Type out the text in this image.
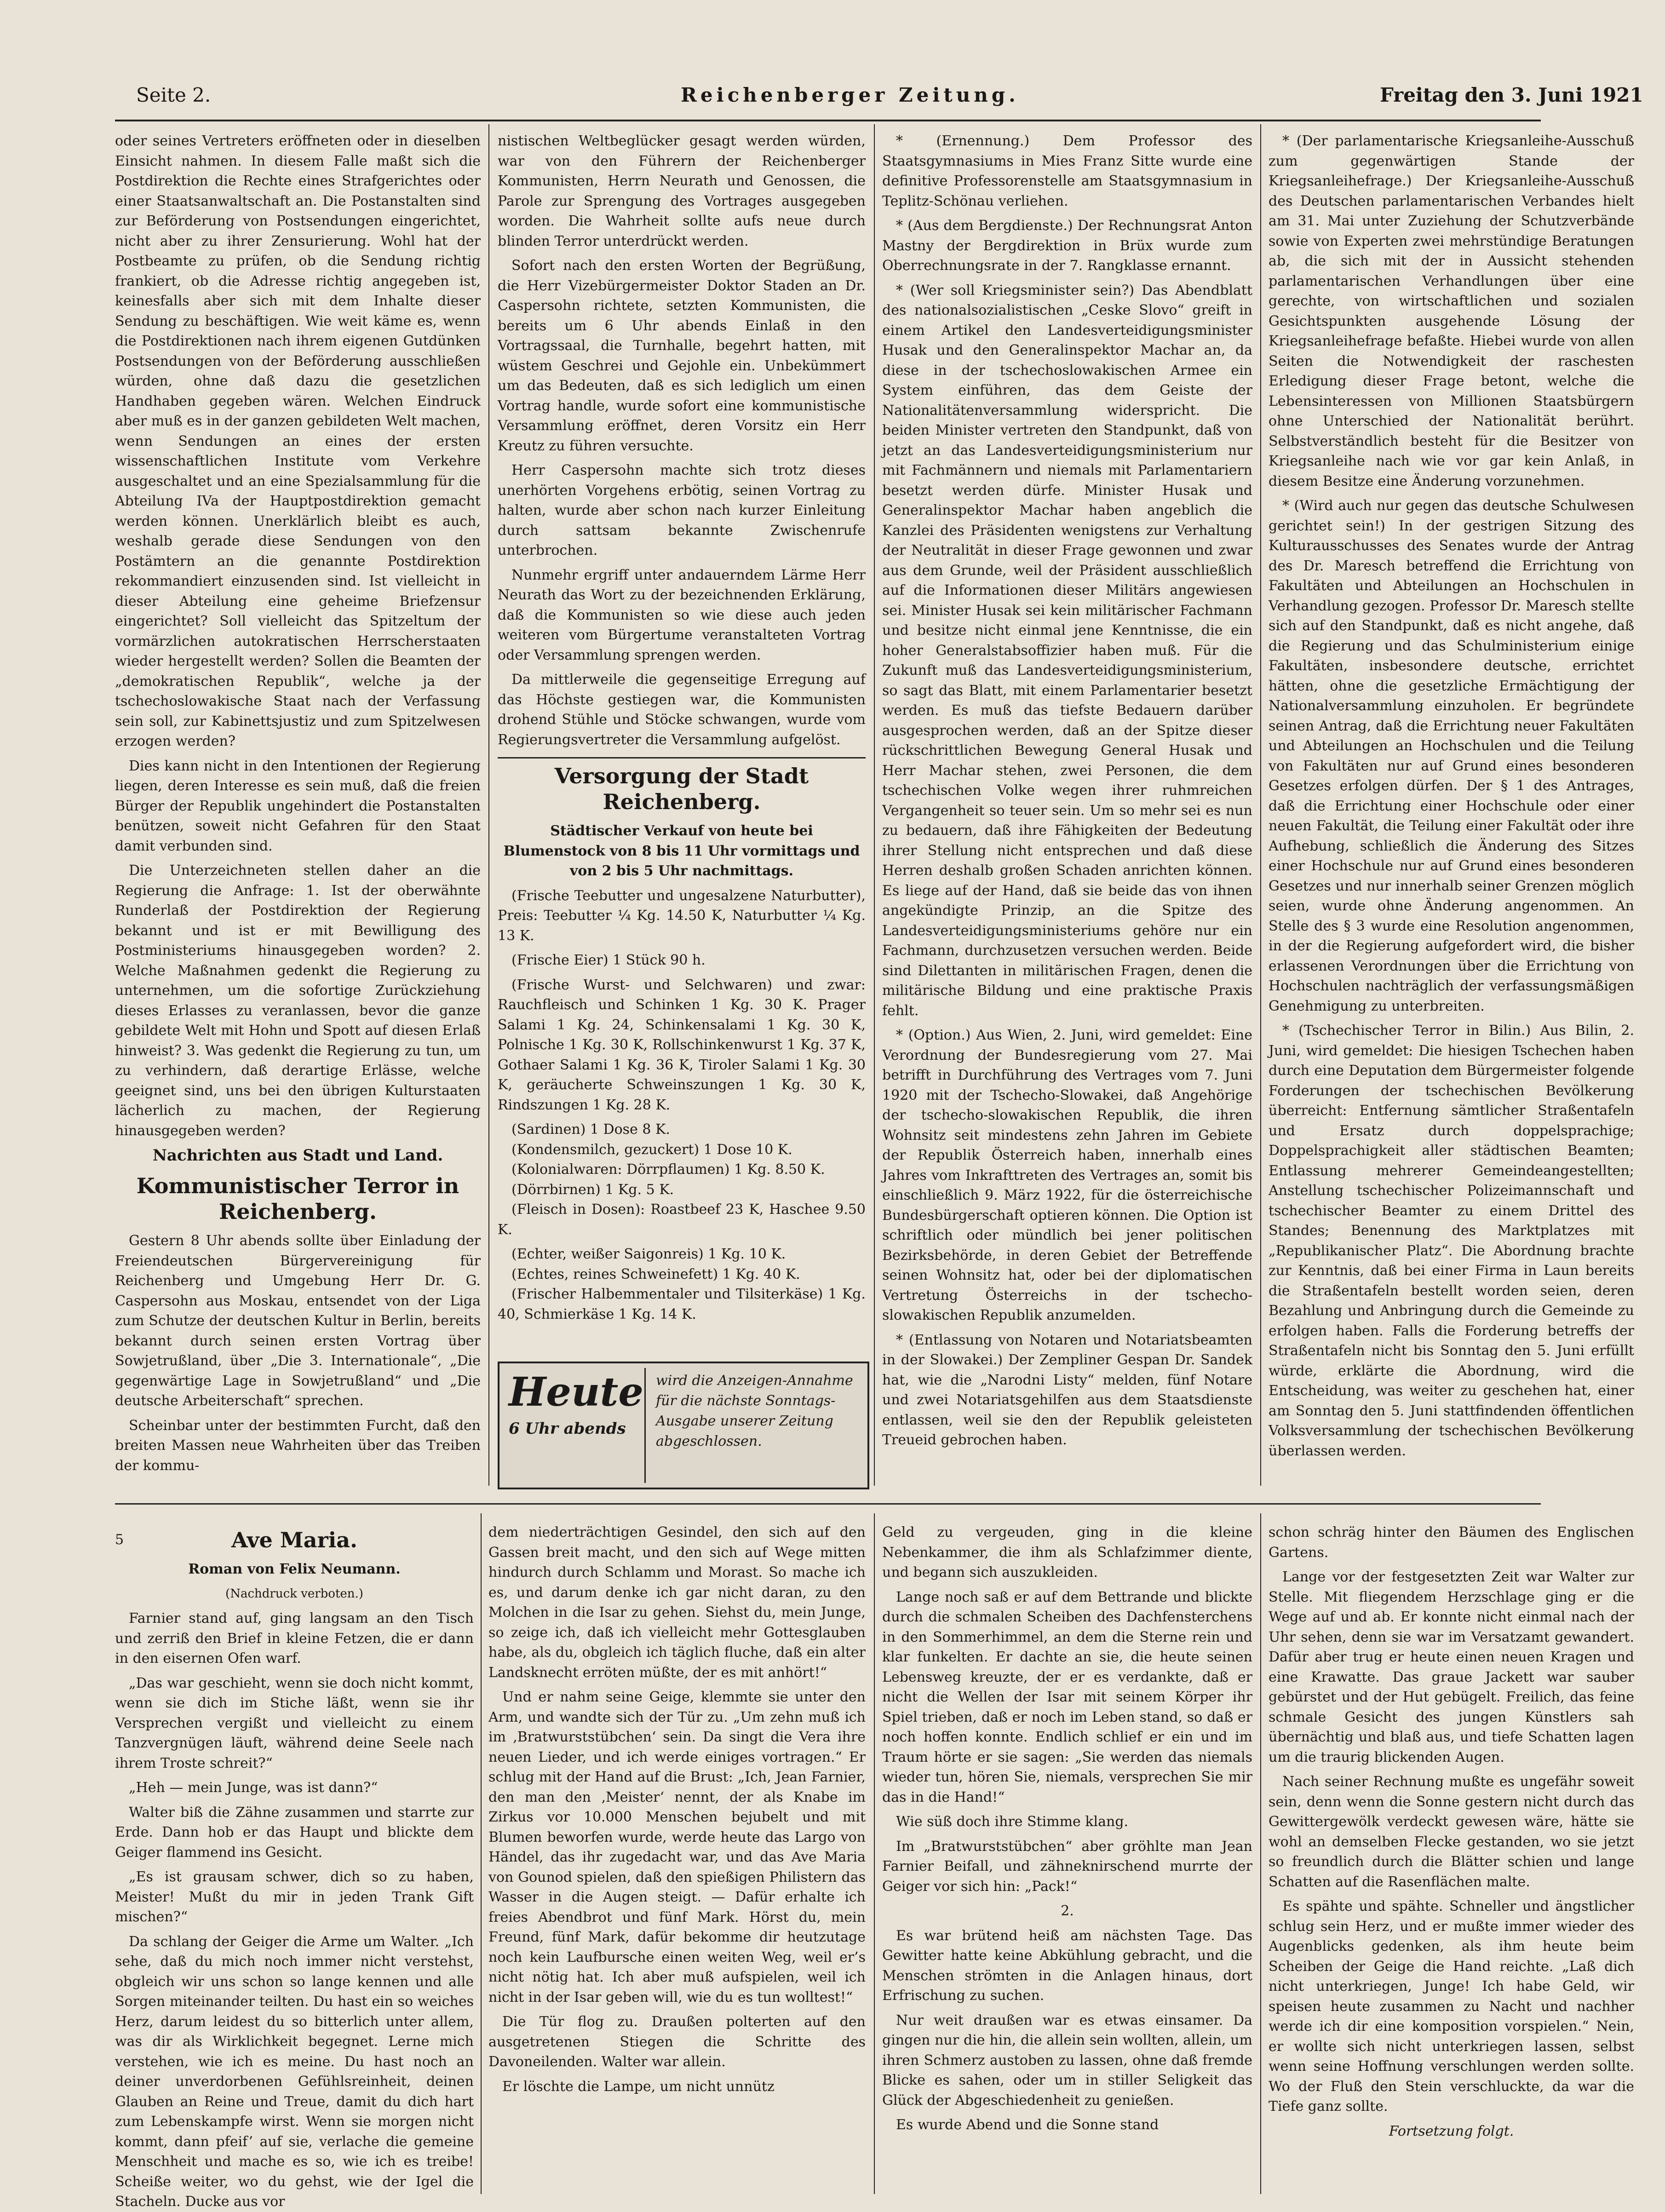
Seite 2.	Reichenberger Zeitung.	Freitag den 3. Juni 1921

oder seines Vertreters eröffneten oder in dieselben Einsicht nahmen. In diesem Falle maßt sich die Postdirektion die Rechte eines Strafgerichtes oder einer Staatsanwaltschaft an. Die Postanstalten sind zur Beförderung von Postsendungen eingerichtet, nicht aber zu ihrer Zensurierung. Wohl hat der Postbeamte zu prüfen, ob die Sendung richtig frankiert, ob die Adresse richtig angegeben ist, keinesfalls aber sich mit dem Inhalte dieser Sendung zu beschäftigen. Wie weit käme es, wenn die Postdirektionen nach ihrem eigenen Gutdünken Postsendungen von der Beförderung ausschließen würden, ohne daß dazu die gesetzlichen Handhaben gegeben wären. Welchen Eindruck aber muß es in der ganzen gebildeten Welt machen, wenn Sendungen an eines der ersten wissenschaftlichen Institute vom Verkehre ausgeschaltet und an eine Spezialsammlung für die Abteilung IVa der Hauptpostdirektion gemacht werden können. Unerklärlich bleibt es auch, weshalb gerade diese Sendungen von den Postämtern an die genannte Postdirektion rekommandiert einzusenden sind. Ist vielleicht in dieser Abteilung eine geheime Briefzensur eingerichtet? Soll vielleicht das Spitzeltum der vormärzlichen autokratischen Herrscherstaaten wieder hergestellt werden? Sollen die Beamten der „demokratischen Republik“, welche ja der tschechoslowakische Staat nach der Verfassung sein soll, zur Kabinettsjustiz und zum Spitzelwesen erzogen werden?

Dies kann nicht in den Intentionen der Regierung liegen, deren Interesse es sein muß, daß die freien Bürger der Republik ungehindert die Postanstalten benützen, soweit nicht Gefahren für den Staat damit verbunden sind.

Die Unterzeichneten stellen daher an die Regierung die Anfrage: 1. Ist der oberwähnte Runderlaß der Postdirektion der Regierung bekannt und ist er mit Bewilligung des Postministeriums hinausgegeben worden? 2. Welche Maßnahmen gedenkt die Regierung zu unternehmen, um die sofortige Zurückziehung dieses Erlasses zu veranlassen, bevor die ganze gebildete Welt mit Hohn und Spott auf diesen Erlaß hinweist? 3. Was gedenkt die Regierung zu tun, um zu verhindern, daß derartige Erlässe, welche geeignet sind, uns bei den übrigen Kulturstaaten lächerlich zu machen, der Regierung hinausgegeben werden?

Nachrichten aus Stadt und Land.
Kommunistischer Terror in Reichenberg.

Gestern 8 Uhr abends sollte über Einladung der Freiendeutschen Bürgervereinigung für Reichenberg und Umgebung Herr Dr. G. Caspersohn aus Moskau, entsendet von der Liga zum Schutze der deutschen Kultur in Berlin, bereits bekannt durch seinen ersten Vortrag über Sowjetrußland, über „Die 3. Internationale“, „Die gegenwärtige Lage in Sowjetrußland“ und „Die deutsche Arbeiterschaft“ sprechen.

Scheinbar unter der bestimmten Furcht, daß den breiten Massen neue Wahrheiten über das Treiben der kommu-

nistischen Weltbeglücker gesagt werden würden, war von den Führern der Reichenberger Kommunisten, Herrn Neurath und Genossen, die Parole zur Sprengung des Vortrages ausgegeben worden. Die Wahrheit sollte aufs neue durch blinden Terror unterdrückt werden.

Sofort nach den ersten Worten der Begrüßung, die Herr Vizebürgermeister Doktor Staden an Dr. Caspersohn richtete, setzten Kommunisten, die bereits um 6 Uhr abends Einlaß in den Vortragssaal, die Turnhalle, begehrt hatten, mit wüstem Geschrei und Gejohle ein. Unbekümmert um das Bedeuten, daß es sich lediglich um einen Vortrag handle, wurde sofort eine kommunistische Versammlung eröffnet, deren Vorsitz ein Herr Kreutz zu führen versuchte.

Herr Caspersohn machte sich trotz dieses unerhörten Vorgehens erbötig, seinen Vortrag zu halten, wurde aber schon nach kurzer Einleitung durch sattsam bekannte Zwischenrufe unterbrochen.

Nunmehr ergriff unter andauerndem Lärme Herr Neurath das Wort zu der bezeichnenden Erklärung, daß die Kommunisten so wie diese auch jeden weiteren vom Bürgertume veranstalteten Vortrag oder Versammlung sprengen werden.

Da mittlerweile die gegenseitige Erregung auf das Höchste gestiegen war, die Kommunisten drohend Stühle und Stöcke schwangen, wurde vom Regierungsvertreter die Versammlung aufgelöst.

Versorgung der Stadt Reichenberg.

Städtischer Verkauf von heute bei Blumenstock von 8 bis 11 Uhr vormittags und von 2 bis 5 Uhr nachmittags.

(Frische Teebutter und ungesalzene Naturbutter), Preis: Teebutter ¼ Kg. 14.50 K, Naturbutter ¼ Kg. 13 K.

(Frische Eier) 1 Stück 90 h.

(Frische Wurst- und Selchwaren) und zwar: Rauchfleisch und Schinken 1 Kg. 30 K. Prager Salami 1 Kg. 24, Schinkensalami 1 Kg. 30 K, Polnische 1 Kg. 30 K, Rollschinkenwurst 1 Kg. 37 K, Gothaer Salami 1 Kg. 36 K, Tiroler Salami 1 Kg. 30 K, geräucherte Schweinszungen 1 Kg. 30 K, Rindszungen 1 Kg. 28 K.

(Sardinen) 1 Dose 8 K.

(Kondensmilch, gezuckert) 1 Dose 10 K.

(Kolonialwaren: Dörrpflaumen) 1 Kg. 8.50 K.

(Dörrbirnen) 1 Kg. 5 K.

(Fleisch in Dosen): Roastbeef 23 K, Haschee 9.50 K.

(Echter, weißer Saigonreis) 1 Kg. 10 K.

(Echtes, reines Schweinefett) 1 Kg. 40 K.

(Frischer Halbemmentaler und Tilsiterkäse) 1 Kg. 40, Schmierkäse 1 Kg. 14 K.

Heute
6 Uhr abends
wird die Anzeigen-Annahme für die nächste Sonntags-Ausgabe unserer Zeitung abgeschlossen.

* (Ernennung.) Dem Professor des Staatsgymnasiums in Mies Franz Sitte wurde eine definitive Professorenstelle am Staatsgymnasium in Teplitz-Schönau verliehen.

* (Aus dem Bergdienste.) Der Rechnungsrat Anton Mastny der Bergdirektion in Brüx wurde zum Oberrechnungsrate in der 7. Rangklasse ernannt.

* (Wer soll Kriegsminister sein?) Das Abendblatt des nationalsozialistischen „Ceske Slovo“ greift in einem Artikel den Landesverteidigungsminister Husak und den Generalinspektor Machar an, da diese in der tschechoslowakischen Armee ein System einführen, das dem Geiste der Nationalitätenversammlung widerspricht. Die beiden Minister vertreten den Standpunkt, daß von jetzt an das Landesverteidigungsministerium nur mit Fachmännern und niemals mit Parlamentariern besetzt werden dürfe. Minister Husak und Generalinspektor Machar haben angeblich die Kanzlei des Präsidenten wenigstens zur Verhaltung der Neutralität in dieser Frage gewonnen und zwar aus dem Grunde, weil der Präsident ausschließlich auf die Informationen dieser Militärs angewiesen sei. Minister Husak sei kein militärischer Fachmann und besitze nicht einmal jene Kenntnisse, die ein hoher Generalstabsoffizier haben muß. Für die Zukunft muß das Landesverteidigungsministerium, so sagt das Blatt, mit einem Parlamentarier besetzt werden. Es muß das tiefste Bedauern darüber ausgesprochen werden, daß an der Spitze dieser rückschrittlichen Bewegung General Husak und Herr Machar stehen, zwei Personen, die dem tschechischen Volke wegen ihrer ruhmreichen Vergangenheit so teuer sein. Um so mehr sei es nun zu bedauern, daß ihre Fähigkeiten der Bedeutung ihrer Stellung nicht entsprechen und daß diese Herren deshalb großen Schaden anrichten können. Es liege auf der Hand, daß sie beide das von ihnen angekündigte Prinzip, an die Spitze des Landesverteidigungsministeriums gehöre nur ein Fachmann, durchzusetzen versuchen werden. Beide sind Dilettanten in militärischen Fragen, denen die militärische Bildung und eine praktische Praxis fehlt.

* (Option.) Aus Wien, 2. Juni, wird gemeldet: Eine Verordnung der Bundesregierung vom 27. Mai betrifft in Durchführung des Vertrages vom 7. Juni 1920 mit der Tschecho-Slowakei, daß Angehörige der tschecho-slowakischen Republik, die ihren Wohnsitz seit mindestens zehn Jahren im Gebiete der Republik Österreich haben, innerhalb eines Jahres vom Inkrafttreten des Vertrages an, somit bis einschließlich 9. März 1922, für die österreichische Bundesbürgerschaft optieren können. Die Option ist schriftlich oder mündlich bei jener politischen Bezirksbehörde, in deren Gebiet der Betreffende seinen Wohnsitz hat, oder bei der diplomatischen Vertretung Österreichs in der tschecho-slowakischen Republik anzumelden.

* (Entlassung von Notaren und Notariatsbeamten in der Slowakei.) Der Zempliner Gespan Dr. Sandek hat, wie die „Narodni Listy“ melden, fünf Notare und zwei Notariatsgehilfen aus dem Staatsdienste entlassen, weil sie den der Republik geleisteten Treueid gebrochen haben.

* (Der parlamentarische Kriegsanleihe-Ausschuß zum gegenwärtigen Stande der Kriegsanleihefrage.) Der Kriegsanleihe-Ausschuß des Deutschen parlamentarischen Verbandes hielt am 31. Mai unter Zuziehung der Schutzverbände sowie von Experten zwei mehrstündige Beratungen ab, die sich mit der in Aussicht stehenden parlamentarischen Verhandlungen über eine gerechte, von wirtschaftlichen und sozialen Gesichtspunkten ausgehende Lösung der Kriegsanleihefrage befaßte. Hiebei wurde von allen Seiten die Notwendigkeit der raschesten Erledigung dieser Frage betont, welche die Lebensinteressen von Millionen Staatsbürgern ohne Unterschied der Nationalität berührt. Selbstverständlich besteht für die Besitzer von Kriegsanleihe nach wie vor gar kein Anlaß, in diesem Besitze eine Änderung vorzunehmen.

* (Wird auch nur gegen das deutsche Schulwesen gerichtet sein!) In der gestrigen Sitzung des Kulturausschusses des Senates wurde der Antrag des Dr. Maresch betreffend die Errichtung von Fakultäten und Abteilungen an Hochschulen in Verhandlung gezogen. Professor Dr. Maresch stellte sich auf den Standpunkt, daß es nicht angehe, daß die Regierung und das Schulministerium einige Fakultäten, insbesondere deutsche, errichtet hätten, ohne die gesetzliche Ermächtigung der Nationalversammlung einzuholen. Er begründete seinen Antrag, daß die Errichtung neuer Fakultäten und Abteilungen an Hochschulen und die Teilung von Fakultäten nur auf Grund eines besonderen Gesetzes erfolgen dürfen. Der § 1 des Antrages, daß die Errichtung einer Hochschule oder einer neuen Fakultät, die Teilung einer Fakultät oder ihre Aufhebung, schließlich die Änderung des Sitzes einer Hochschule nur auf Grund eines besonderen Gesetzes und nur innerhalb seiner Grenzen möglich seien, wurde ohne Änderung angenommen. An Stelle des § 3 wurde eine Resolution angenommen, in der die Regierung aufgefordert wird, die bisher erlassenen Verordnungen über die Errichtung von Hochschulen nachträglich der verfassungsmäßigen Genehmigung zu unterbreiten.

* (Tschechischer Terror in Bilin.) Aus Bilin, 2. Juni, wird gemeldet: Die hiesigen Tschechen haben durch eine Deputation dem Bürgermeister folgende Forderungen der tschechischen Bevölkerung überreicht: Entfernung sämtlicher Straßentafeln und Ersatz durch doppelsprachige; Doppelsprachigkeit aller städtischen Beamten; Entlassung mehrerer Gemeindeangestellten; Anstellung tschechischer Polizeimannschaft und tschechischer Beamter zu einem Drittel des Standes; Benennung des Marktplatzes mit „Republikanischer Platz“. Die Abordnung brachte zur Kenntnis, daß bei einer Firma in Laun bereits die Straßentafeln bestellt worden seien, deren Bezahlung und Anbringung durch die Gemeinde zu erfolgen haben. Falls die Forderung betreffs der Straßentafeln nicht bis Sonntag den 5. Juni erfüllt würde, erklärte die Abordnung, wird die Entscheidung, was weiter zu geschehen hat, einer am Sonntag den 5. Juni stattfindenden öffentlichen Volksversammlung der tschechischen Bevölkerung überlassen werden.

5	Ave Maria.

Roman von Felix Neumann.

(Nachdruck verboten.)

Farnier stand auf, ging langsam an den Tisch und zerriß den Brief in kleine Fetzen, die er dann in den eisernen Ofen warf.

„Das war geschieht, wenn sie doch nicht kommt, wenn sie dich im Stiche läßt, wenn sie ihr Versprechen vergißt und vielleicht zu einem Tanzvergnügen läuft, während deine Seele nach ihrem Troste schreit?“

„Heh — mein Junge, was ist dann?“

Walter biß die Zähne zusammen und starrte zur Erde. Dann hob er das Haupt und blickte dem Geiger flammend ins Gesicht.

„Es ist grausam schwer, dich so zu haben, Meister! Mußt du mir in jeden Trank Gift mischen?“

Da schlang der Geiger die Arme um Walter. „Ich sehe, daß du mich noch immer nicht verstehst, obgleich wir uns schon so lange kennen und alle Sorgen miteinander teilten. Du hast ein so weiches Herz, darum leidest du so bitterlich unter allem, was dir als Wirklichkeit begegnet. Lerne mich verstehen, wie ich es meine. Du hast noch an deiner unverdorbenen Gefühlsreinheit, deinen Glauben an Reine und Treue, damit du dich hart zum Lebenskampfe wirst. Wenn sie morgen nicht kommt, dann pfeif’ auf sie, verlache die gemeine Menschheit und mache es so, wie ich es treibe! Scheiße weiter, wo du gehst, wie der Igel die Stacheln. Ducke aus vor

dem niederträchtigen Gesindel, den sich auf den Gassen breit macht, und den sich auf Wege mitten hindurch durch Schlamm und Morast. So mache ich es, und darum denke ich gar nicht daran, zu den Molchen in die Isar zu gehen. Siehst du, mein Junge, so zeige ich, daß ich vielleicht mehr Gottesglauben habe, als du, obgleich ich täglich fluche, daß ein alter Landsknecht erröten müßte, der es mit anhört!“

Und er nahm seine Geige, klemmte sie unter den Arm, und wandte sich der Tür zu. „Um zehn muß ich im ‚Bratwurststübchen‘ sein. Da singt die Vera ihre neuen Lieder, und ich werde einiges vortragen.“ Er schlug mit der Hand auf die Brust: „Ich, Jean Farnier, den man den ‚Meister‘ nennt, der als Knabe im Zirkus vor 10.000 Menschen bejubelt und mit Blumen beworfen wurde, werde heute das Largo von Händel, das ihr zugedacht war, und das Ave Maria von Gounod spielen, daß den spießigen Philistern das Wasser in die Augen steigt. — Dafür erhalte ich freies Abendbrot und fünf Mark. Hörst du, mein Freund, fünf Mark, dafür bekomme dir heutzutage noch kein Laufbursche einen weiten Weg, weil er’s nicht nötig hat. Ich aber muß aufspielen, weil ich nicht in der Isar geben will, wie du es tun wolltest!“

Die Tür flog zu. Draußen polterten auf den ausgetretenen Stiegen die Schritte des Davoneilenden. Walter war allein.

Er löschte die Lampe, um nicht unnütz

Geld zu vergeuden, ging in die kleine Nebenkammer, die ihm als Schlafzimmer diente, und begann sich auszukleiden.

Lange noch saß er auf dem Bettrande und blickte durch die schmalen Scheiben des Dachfensterchens in den Sommerhimmel, an dem die Sterne rein und klar funkelten. Er dachte an sie, die heute seinen Lebensweg kreuzte, der er es verdankte, daß er nicht die Wellen der Isar mit seinem Körper ihr Spiel trieben, daß er noch im Leben stand, so daß er noch hoffen konnte. Endlich schlief er ein und im Traum hörte er sie sagen: „Sie werden das niemals wieder tun, hören Sie, niemals, versprechen Sie mir das in die Hand!“

Wie süß doch ihre Stimme klang.

Im „Bratwurststübchen“ aber gröhlte man Jean Farnier Beifall, und zähneknirschend murrte der Geiger vor sich hin: „Pack!“

2.

Es war brütend heiß am nächsten Tage. Das Gewitter hatte keine Abkühlung gebracht, und die Menschen strömten in die Anlagen hinaus, dort Erfrischung zu suchen.

Nur weit draußen war es etwas einsamer. Da gingen nur die hin, die allein sein wollten, allein, um ihren Schmerz austoben zu lassen, ohne daß fremde Blicke es sahen, oder um in stiller Seligkeit das Glück der Abgeschiedenheit zu genießen.

Es wurde Abend und die Sonne stand

schon schräg hinter den Bäumen des Englischen Gartens.

Lange vor der festgesetzten Zeit war Walter zur Stelle. Mit fliegendem Herzschlage ging er die Wege auf und ab. Er konnte nicht einmal nach der Uhr sehen, denn sie war im Versatzamt gewandert. Dafür aber trug er heute einen neuen Kragen und eine Krawatte. Das graue Jackett war sauber gebürstet und der Hut gebügelt. Freilich, das feine schmale Gesicht des jungen Künstlers sah übernächtig und blaß aus, und tiefe Schatten lagen um die traurig blickenden Augen.

Nach seiner Rechnung mußte es ungefähr soweit sein, denn wenn die Sonne gestern nicht durch das Gewittergewölk verdeckt gewesen wäre, hätte sie wohl an demselben Flecke gestanden, wo sie jetzt so freundlich durch die Blätter schien und lange Schatten auf die Rasenflächen malte.

Es spähte und spähte. Schneller und ängstlicher schlug sein Herz, und er mußte immer wieder des Augenblicks gedenken, als ihm heute beim Scheiben der Geige die Hand reichte. „Laß dich nicht unterkriegen, Junge! Ich habe Geld, wir speisen heute zusammen zu Nacht und nachher werde ich dir eine komposition vorspielen.“ Nein, er wollte sich nicht unterkriegen lassen, selbst wenn seine Hoffnung verschlungen werden sollte. Wo der Fluß den Stein verschluckte, da war die Tiefe ganz sollte.

Fortsetzung folgt.
